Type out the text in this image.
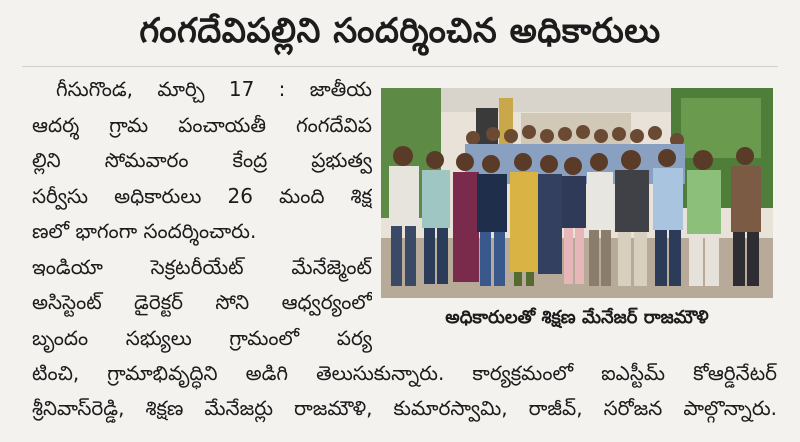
గంగదేవిపల్లిని సందర్శించిన అధికారులు
గీసుగొండ, మార్చి 17 : జాతీయ
ఆదర్శ గ్రామ పంచాయతీ గంగదేవిప
ల్లిని సోమవారం కేంద్ర ప్రభుత్వ
సర్వీసు అధికారులు 26 మంది శిక్ష
ణలో భాగంగా సందర్శించారు.
ఇండియా సెక్రటరీయేట్ మేనేజ్మెంట్
అసిస్టెంట్ డైరెక్టర్ సోని ఆధ్వర్యంలో
బృందం సభ్యులు గ్రామంలో పర్య
అధికారులతో శిక్షణ మేనేజర్ రాజమౌళి
టించి, గ్రామాభివృద్ధిని అడిగి తెలుసుకున్నారు. కార్యక్రమంలో ఐఎస్టీమ్ కోఆర్డినేటర్
శ్రీనివాస్‌రెడ్డి, శిక్షణ మేనేజర్లు రాజమౌళి, కుమారస్వామి, రాజీవ్, సరోజన పాల్గొన్నారు.
